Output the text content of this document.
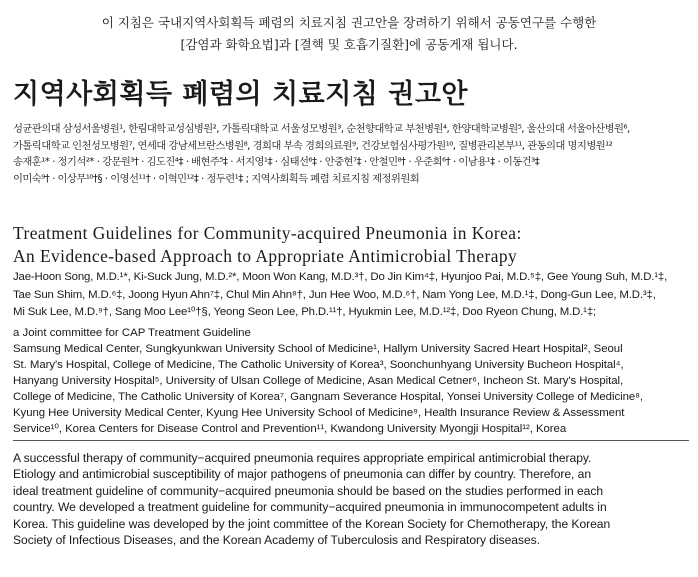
이 지침은 국내지역사회획득 폐렴의 치료지침 권고안을 장려하기 위해서 공동연구를 수행한
[감염과 화학요법]과 [결핵 및 호흡기질환]에 공동게재 됩니다.
지역사회획득 폐렴의 치료지침 권고안
성균관의대 삼성서울병원¹, 한림대학교성심병원², 가톨릭대학교 서울성모병원³, 순천향대학교 부천병원⁴, 한양대학교병원⁵, 울산의대 서울아산병원⁶,
가톨릭대학교 인천성모병원⁷, 연세대 강남세브란스병원⁸, 경희대 부속 경희의료원⁹, 건강보험심사평가원¹⁰, 질병관리본부¹¹, 관동의대 명지병원¹²
송재훈¹* · 정기석²* · 강문원³† · 김도진⁴‡ · 배현주⁵‡ · 서지영¹‡ · 심태선⁶‡ · 안중현⁷‡ · 안철민⁸† · 우준희⁶† · 이남용¹‡ · 이동건³‡
이미숙⁹† · 이상무¹⁰†§ · 이영선¹¹† · 이혁민¹²‡ · 정두련¹‡ ; 지역사회획득 폐렴 치료지침 제정위원회
Treatment Guidelines for Community-acquired Pneumonia in Korea:
An Evidence-based Approach to Appropriate Antimicrobial Therapy
Jae-Hoon Song, M.D.¹*, Ki-Suck Jung, M.D.²*, Moon Won Kang, M.D.³†, Do Jin Kim⁴‡, Hyunjoo Pai, M.D.⁵‡, Gee Young Suh, M.D.¹‡,
Tae Sun Shim, M.D.⁶‡, Joong Hyun Ahn⁷‡, Chul Min Ahn⁸†, Jun Hee Woo, M.D.⁶†, Nam Yong Lee, M.D.¹‡, Dong-Gun Lee, M.D.³‡,
Mi Suk Lee, M.D.⁹†, Sang Moo Lee¹⁰†§, Yeong Seon Lee, Ph.D.¹¹†, Hyukmin Lee, M.D.¹²‡, Doo Ryeon Chung, M.D.¹‡;
a Joint committee for CAP Treatment Guideline
Samsung Medical Center, Sungkyunkwan University School of Medicine¹, Hallym University Sacred Heart Hospital², Seoul
St. Mary's Hospital, College of Medicine, The Catholic University of Korea³, Soonchunhyang University Bucheon Hospital⁴,
Hanyang University Hospital⁵, University of Ulsan College of Medicine, Asan Medical Cetner⁶, Incheon St. Mary's Hospital,
College of Medicine, The Catholic University of Korea⁷, Gangnam Severance Hospital, Yonsei University College of Medicine⁸,
Kyung Hee University Medical Center, Kyung Hee University School of Medicine⁹, Health Insurance Review & Assessment
Service¹⁰, Korea Centers for Disease Control and Prevention¹¹, Kwandong University Myongji Hospital¹², Korea
A successful therapy of community−acquired pneumonia requires appropriate empirical antimicrobial therapy.
Etiology and antimicrobial susceptibility of major pathogens of pneumonia can differ by country. Therefore, an
ideal treatment guideline of community−acquired pneumonia should be based on the studies performed in each
country. We developed a treatment guideline for community−acquired pneumonia in immunocompetent adults in
Korea. This guideline was developed by the joint committee of the Korean Society for Chemotherapy, the Korean
Society of Infectious Diseases, and the Korean Academy of Tuberculosis and Respiratory diseases.
